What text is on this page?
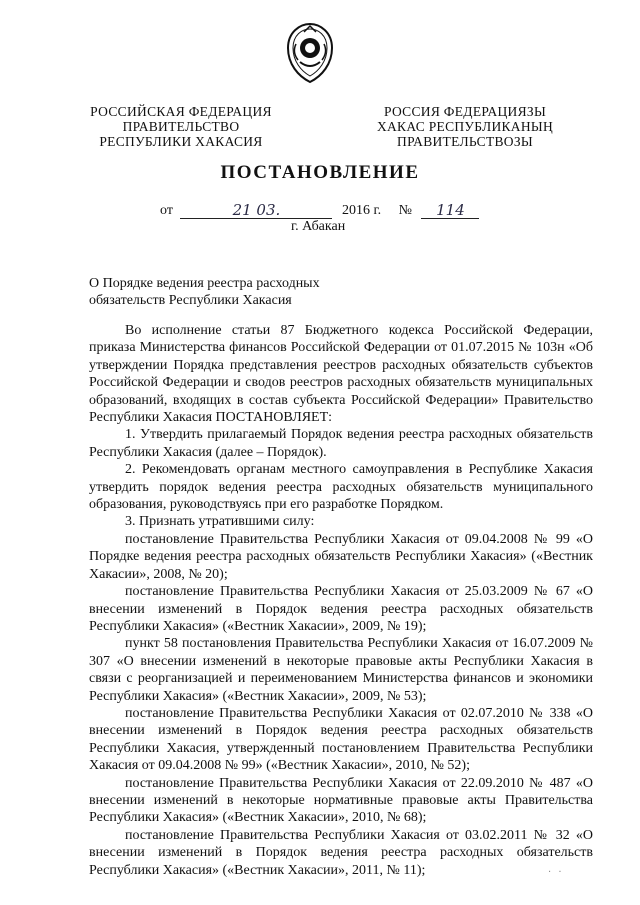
РОССИЙСКАЯ ФЕДЕРАЦИЯ
ПРАВИТЕЛЬСТВО
РЕСПУБЛИКИ ХАКАСИЯ
РОССИЯ ФЕДЕРАЦИЯЗЫ
ХАКАС РЕСПУБЛИКАНЫҢ
ПРАВИТЕЛЬСТВОЗЫ
ПОСТАНОВЛЕНИЕ
от	21 03.	2016 г. № 114
г. Абакан
О Порядке ведения реестра расходных
обязательств Республики Хакасия

Во исполнение статьи 87 Бюджетного кодекса Российской Федерации, приказа Министерства финансов Российской Федерации от 01.07.2015 № 103н «Об утверждении Порядка представления реестров расходных обязательств субъектов Российской Федерации и сводов реестров расходных обязательств муниципальных образований, входящих в состав субъекта Российской Федерации» Правительство Республики Хакасия ПОСТАНОВЛЯЕТ:

1. Утвердить прилагаемый Порядок ведения реестра расходных обязательств Республики Хакасия (далее – Порядок).

2. Рекомендовать органам местного самоуправления в Республике Хакасия утвердить порядок ведения реестра расходных обязательств муниципального образования, руководствуясь при его разработке Порядком.

3. Признать утратившими силу:

постановление Правительства Республики Хакасия от 09.04.2008 № 99 «О Порядке ведения реестра расходных обязательств Республики Хакасия» («Вестник Хакасии», 2008, № 20);

постановление Правительства Республики Хакасия от 25.03.2009 № 67 «О внесении изменений в Порядок ведения реестра расходных обязательств Республики Хакасия» («Вестник Хакасии», 2009, № 19);

пункт 58 постановления Правительства Республики Хакасия от 16.07.2009 № 307 «О внесении изменений в некоторые правовые акты Республики Хакасия в связи с реорганизацией и переименованием Министерства финансов и экономики Республики Хакасия» («Вестник Хакасии», 2009, № 53);

постановление Правительства Республики Хакасия от 02.07.2010 № 338 «О внесении изменений в Порядок ведения реестра расходных обязательств Республики Хакасия, утвержденный постановлением Правительства Республики Хакасия от 09.04.2008 № 99» («Вестник Хакасии», 2010, № 52);

постановление Правительства Республики Хакасия от 22.09.2010 № 487 «О внесении изменений в некоторые нормативные правовые акты Правительства Республики Хакасия» («Вестник Хакасии», 2010, № 68);

постановление Правительства Республики Хакасия от 03.02.2011 № 32 «О внесении изменений в Порядок ведения реестра расходных обязательств Республики Хакасия» («Вестник Хакасии», 2011, № 11);	· ·
